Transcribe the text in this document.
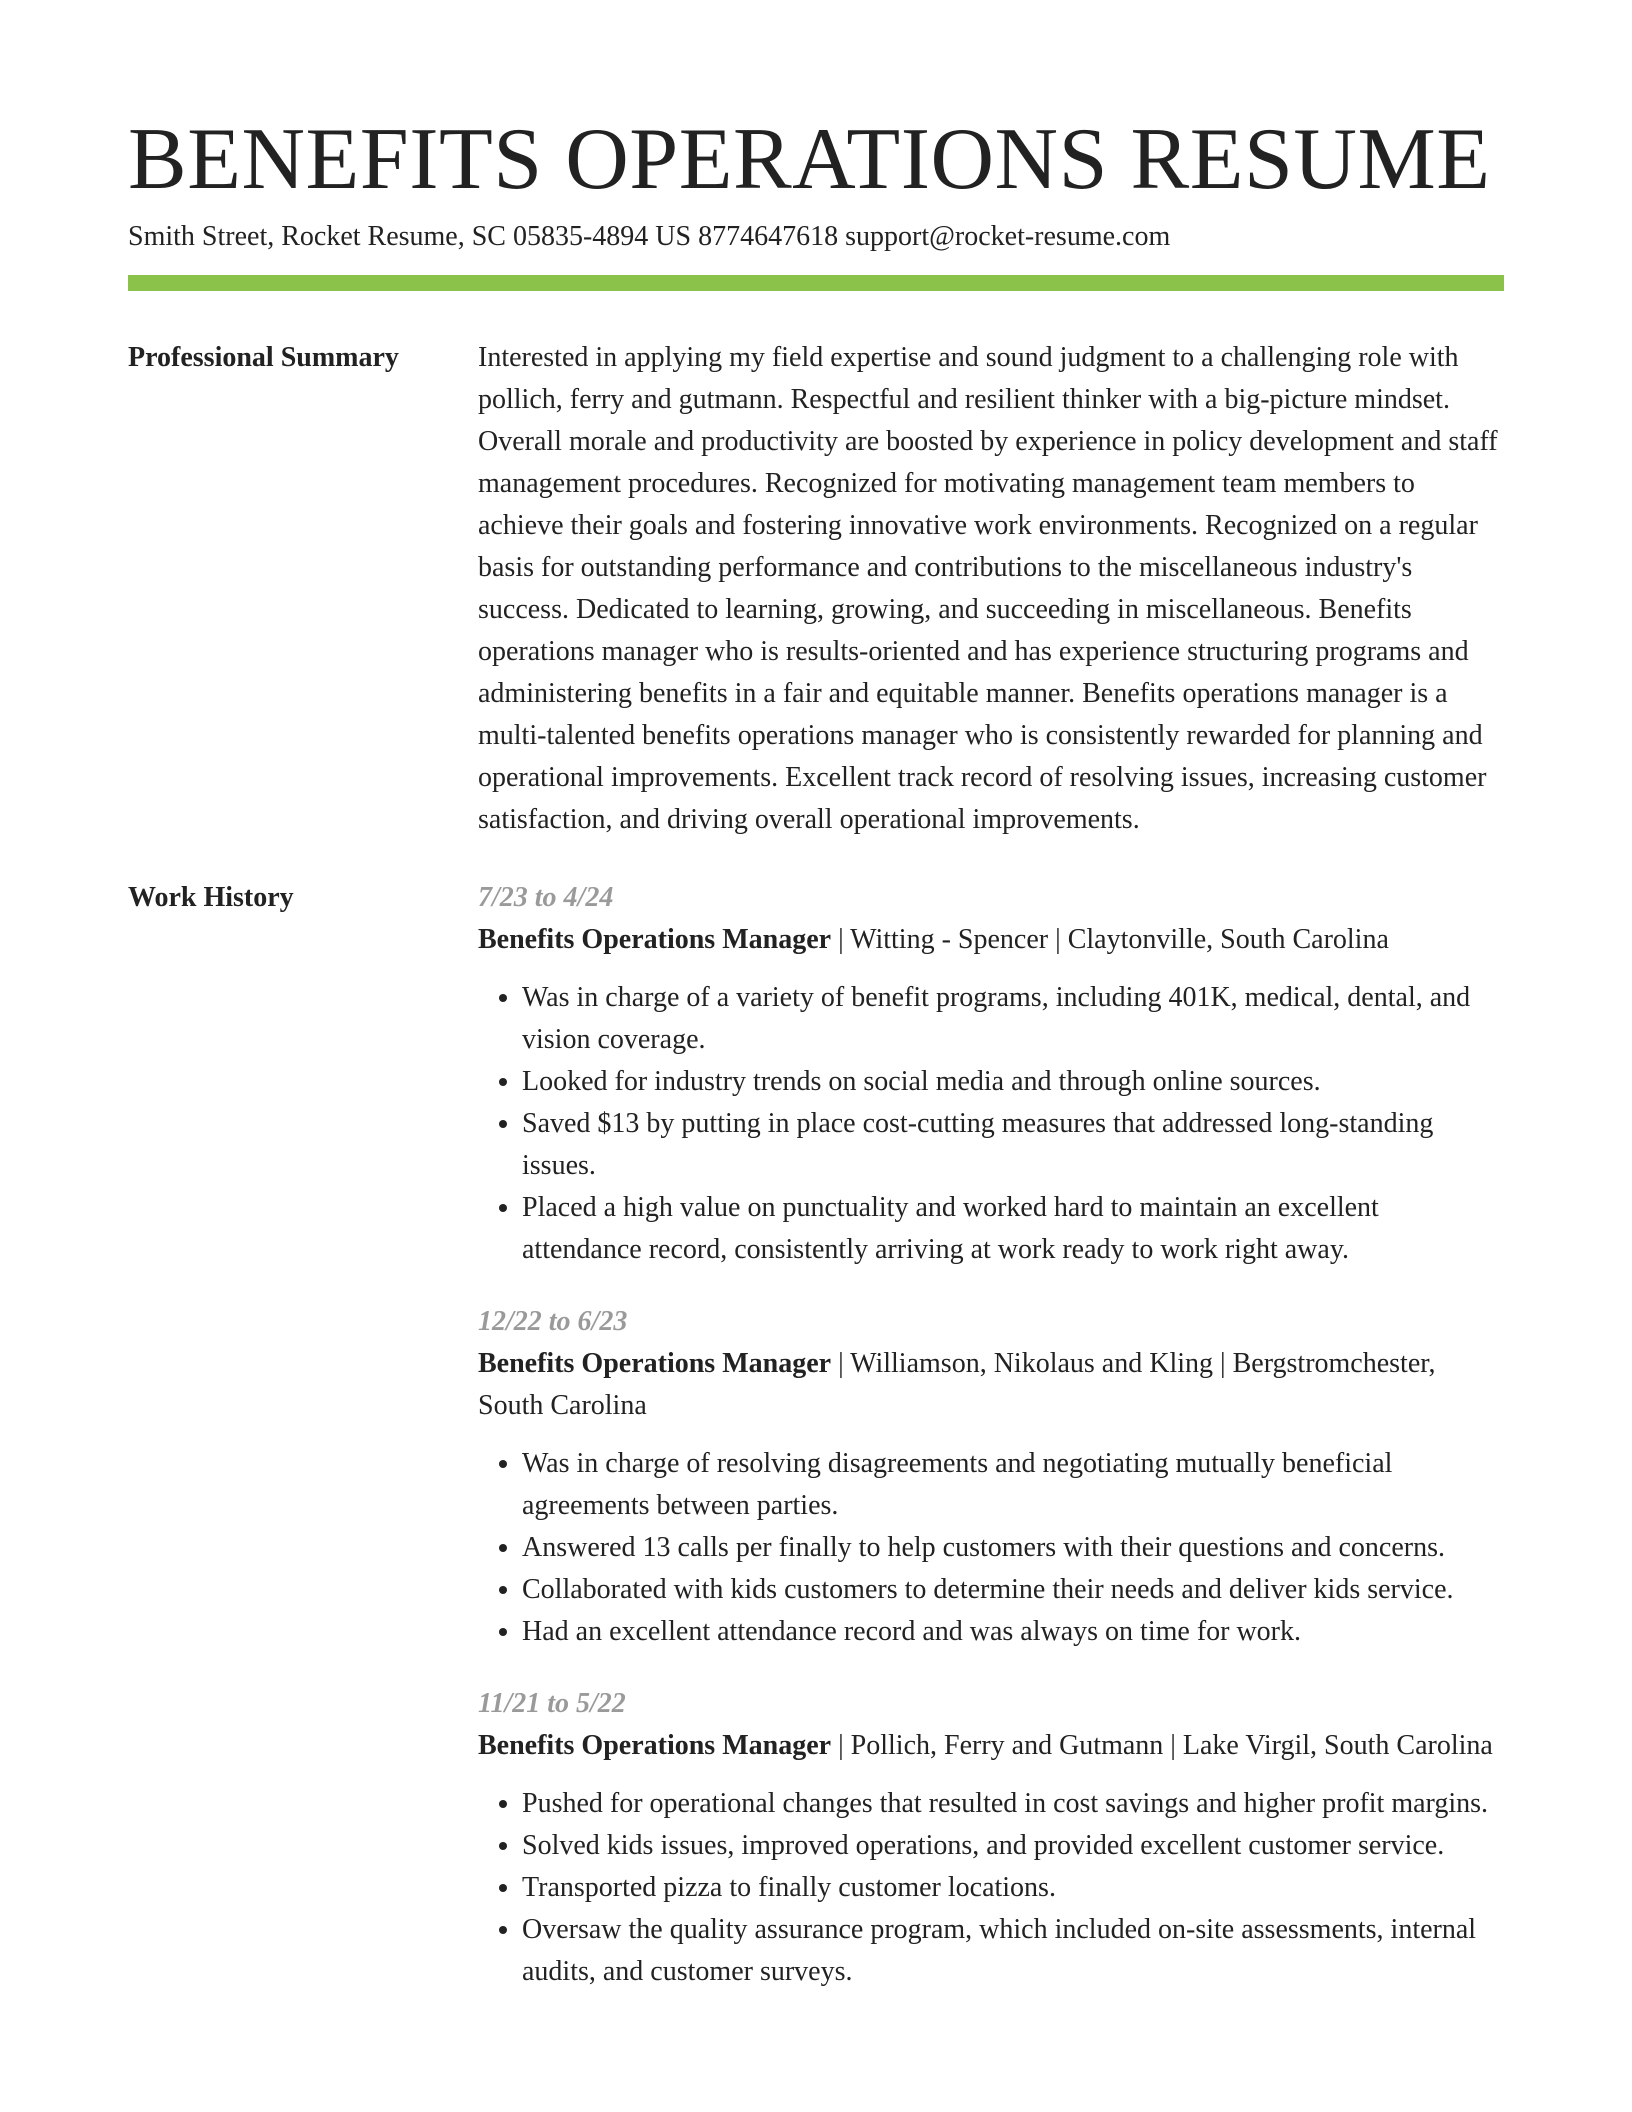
BENEFITS OPERATIONS RESUME
Smith Street, Rocket Resume, SC 05835-4894 US 8774647618 support@rocket-resume.com
Professional Summary	Interested in applying my field expertise and sound judgment to a challenging role with pollich, ferry and gutmann. Respectful and resilient thinker with a big-picture mindset. Overall morale and productivity are boosted by experience in policy development and staff management procedures. Recognized for motivating management team members to achieve their goals and fostering innovative work environments. Recognized on a regular basis for outstanding performance and contributions to the miscellaneous industry's success. Dedicated to learning, growing, and succeeding in miscellaneous. Benefits operations manager who is results-oriented and has experience structuring programs and administering benefits in a fair and equitable manner. Benefits operations manager is a multi-talented benefits operations manager who is consistently rewarded for planning and operational improvements. Excellent track record of resolving issues, increasing customer satisfaction, and driving overall operational improvements.

Work History	7/23 to 4/24
Benefits Operations Manager | Witting - Spencer | Claytonville, South Carolina
• Was in charge of a variety of benefit programs, including 401K, medical, dental, and vision coverage.
• Looked for industry trends on social media and through online sources.
• Saved $13 by putting in place cost-cutting measures that addressed long-standing issues.
• Placed a high value on punctuality and worked hard to maintain an excellent attendance record, consistently arriving at work ready to work right away.
12/22 to 6/23
Benefits Operations Manager | Williamson, Nikolaus and Kling | Bergstromchester, South Carolina
• Was in charge of resolving disagreements and negotiating mutually beneficial agreements between parties.
• Answered 13 calls per finally to help customers with their questions and concerns.
• Collaborated with kids customers to determine their needs and deliver kids service.
• Had an excellent attendance record and was always on time for work.
11/21 to 5/22
Benefits Operations Manager | Pollich, Ferry and Gutmann | Lake Virgil, South Carolina
• Pushed for operational changes that resulted in cost savings and higher profit margins.
• Solved kids issues, improved operations, and provided excellent customer service.
• Transported pizza to finally customer locations.
• Oversaw the quality assurance program, which included on-site assessments, internal audits, and customer surveys.
